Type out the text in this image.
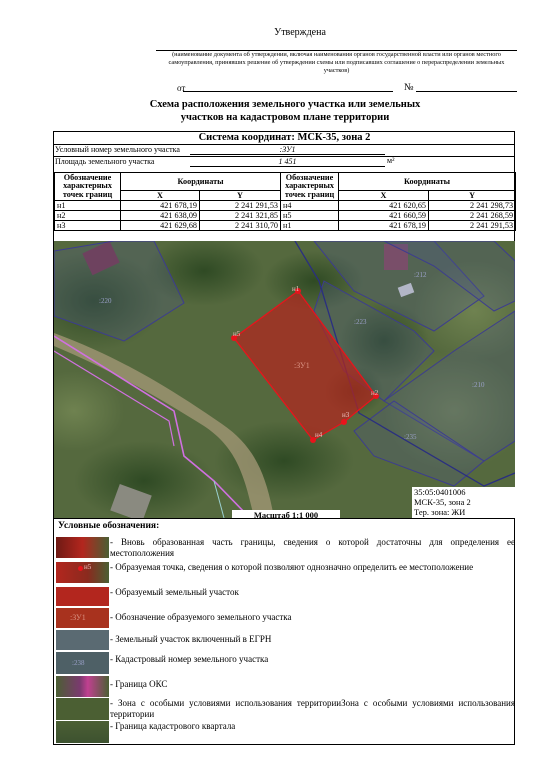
Утверждена
(наименование документа об утверждении, включая наименования органов государственной власти или органов местного самоуправления, принявших решение об утверждении схемы или подписавших соглашение о перераспределении земельных участков)
от	№
Схема расположения земельного участка или земельных
участков на кадастровом плане территории
Система координат: МСК-35, зона 2
Условный номер земельного участка	:ЗУ1
Площадь земельного участка	1 451	м²
Обозначение характерных точек границ	Координаты		Обозначение характерных точек границ	Координаты	
	X	Y		X	Y
н1	421 678,19	2 241 291,53	н4	421 620,65	2 241 298,73
н2	421 638,09	2 241 321,85	н5	421 660,59	2 241 268,59
н3	421 629,68	2 241 310,70	н1	421 678,19	2 241 291,53
н1
н2
н3
н4
н5
:ЗУ1
:220
:212
:223
:210
:235
35:05:0401006
МСК-35, зона 2
Тер. зона: ЖИ
Масштаб 1:1 000
Условные обозначения:
- Вновь образованная часть границы, сведения о которой достаточны для определения ее местоположения
н5 - Образуемая точка, сведения о которой позволяют однозначно определить ее местоположение
- Образуемый земельный участок
:ЗУ1	- Обозначение образуемого земельного участка
- Земельный участок включенный в ЕГРН
:238	- Кадастровый номер земельного участка
- Граница ОКС
- Зона с особыми условиями использования территорииЗона с особыми условиями использования территории
- Граница кадастрового квартала
